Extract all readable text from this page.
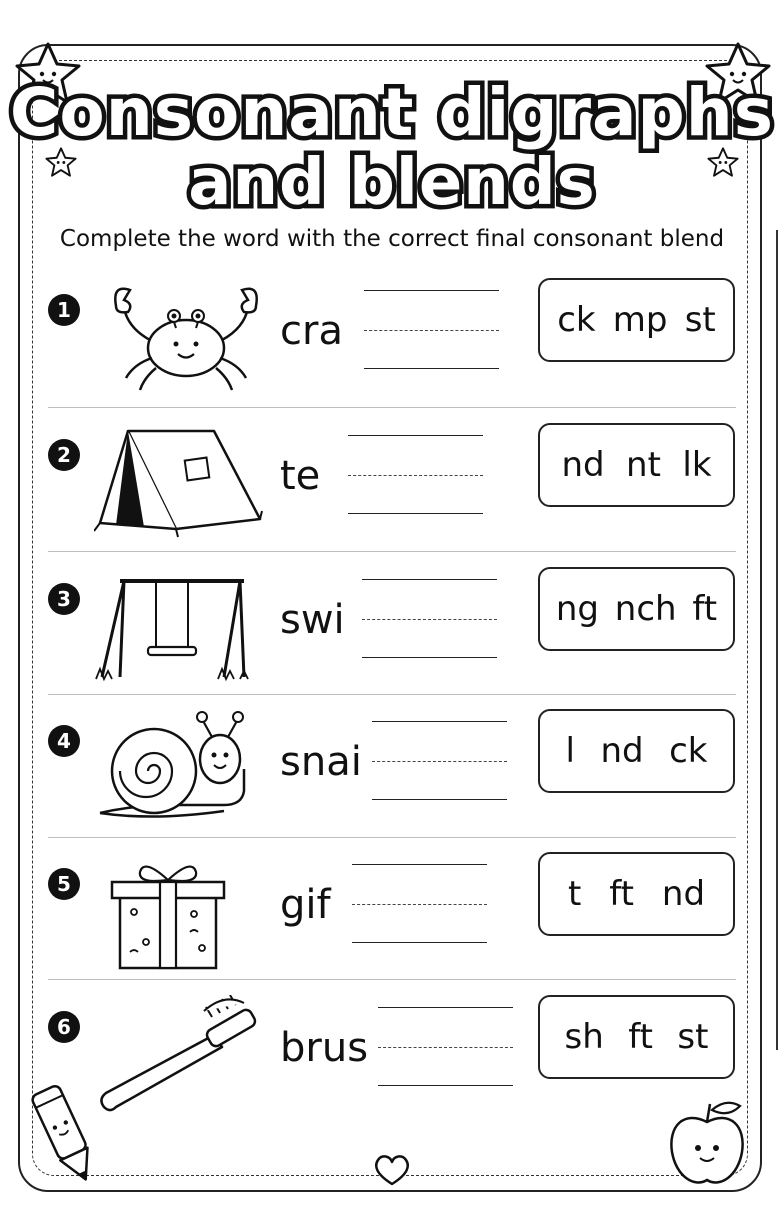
Consonant digraphs
and blends
Complete the word with the correct final consonant blend
1	cra	ck mp st
2	te	nd nt lk
3	swi	ng nch ft
4	snai	l nd ck
5	gif	t ft nd
6	brus	sh ft st
